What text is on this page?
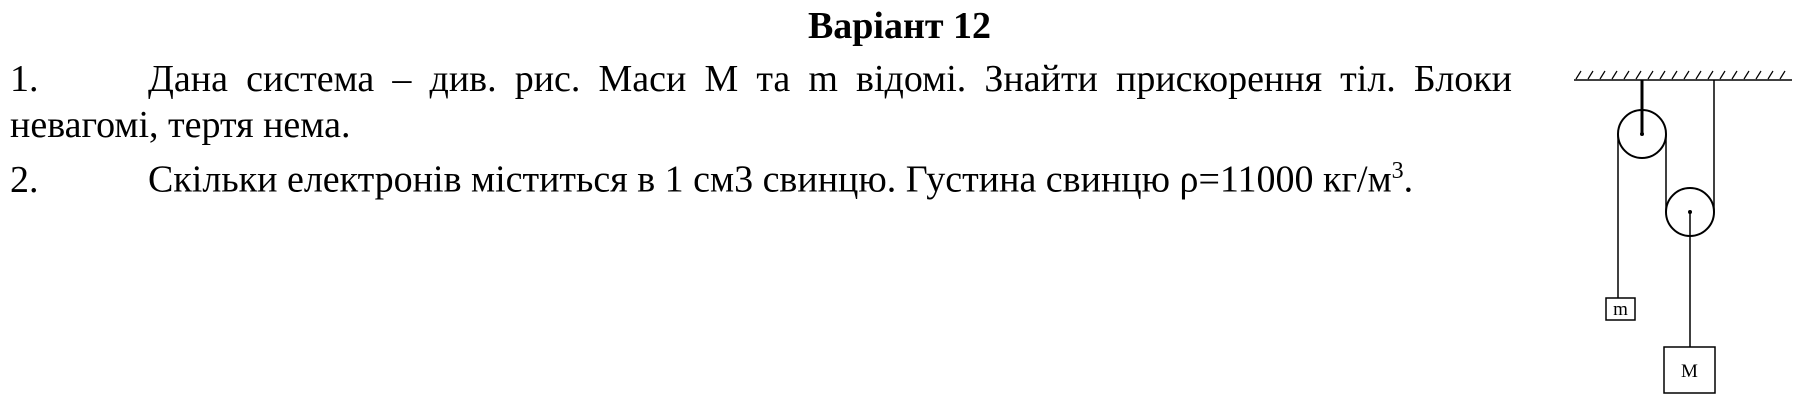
Варіант 12

1.	Дана система – див. рис. Маси M та m відомі. Знайти прискорення тіл. Блоки невагомі, тертя нема.

2.	Скільки електронів міститься в 1 см3 свинцю. Густина свинцю ρ=11000 $кг/м^3$.

m
M
